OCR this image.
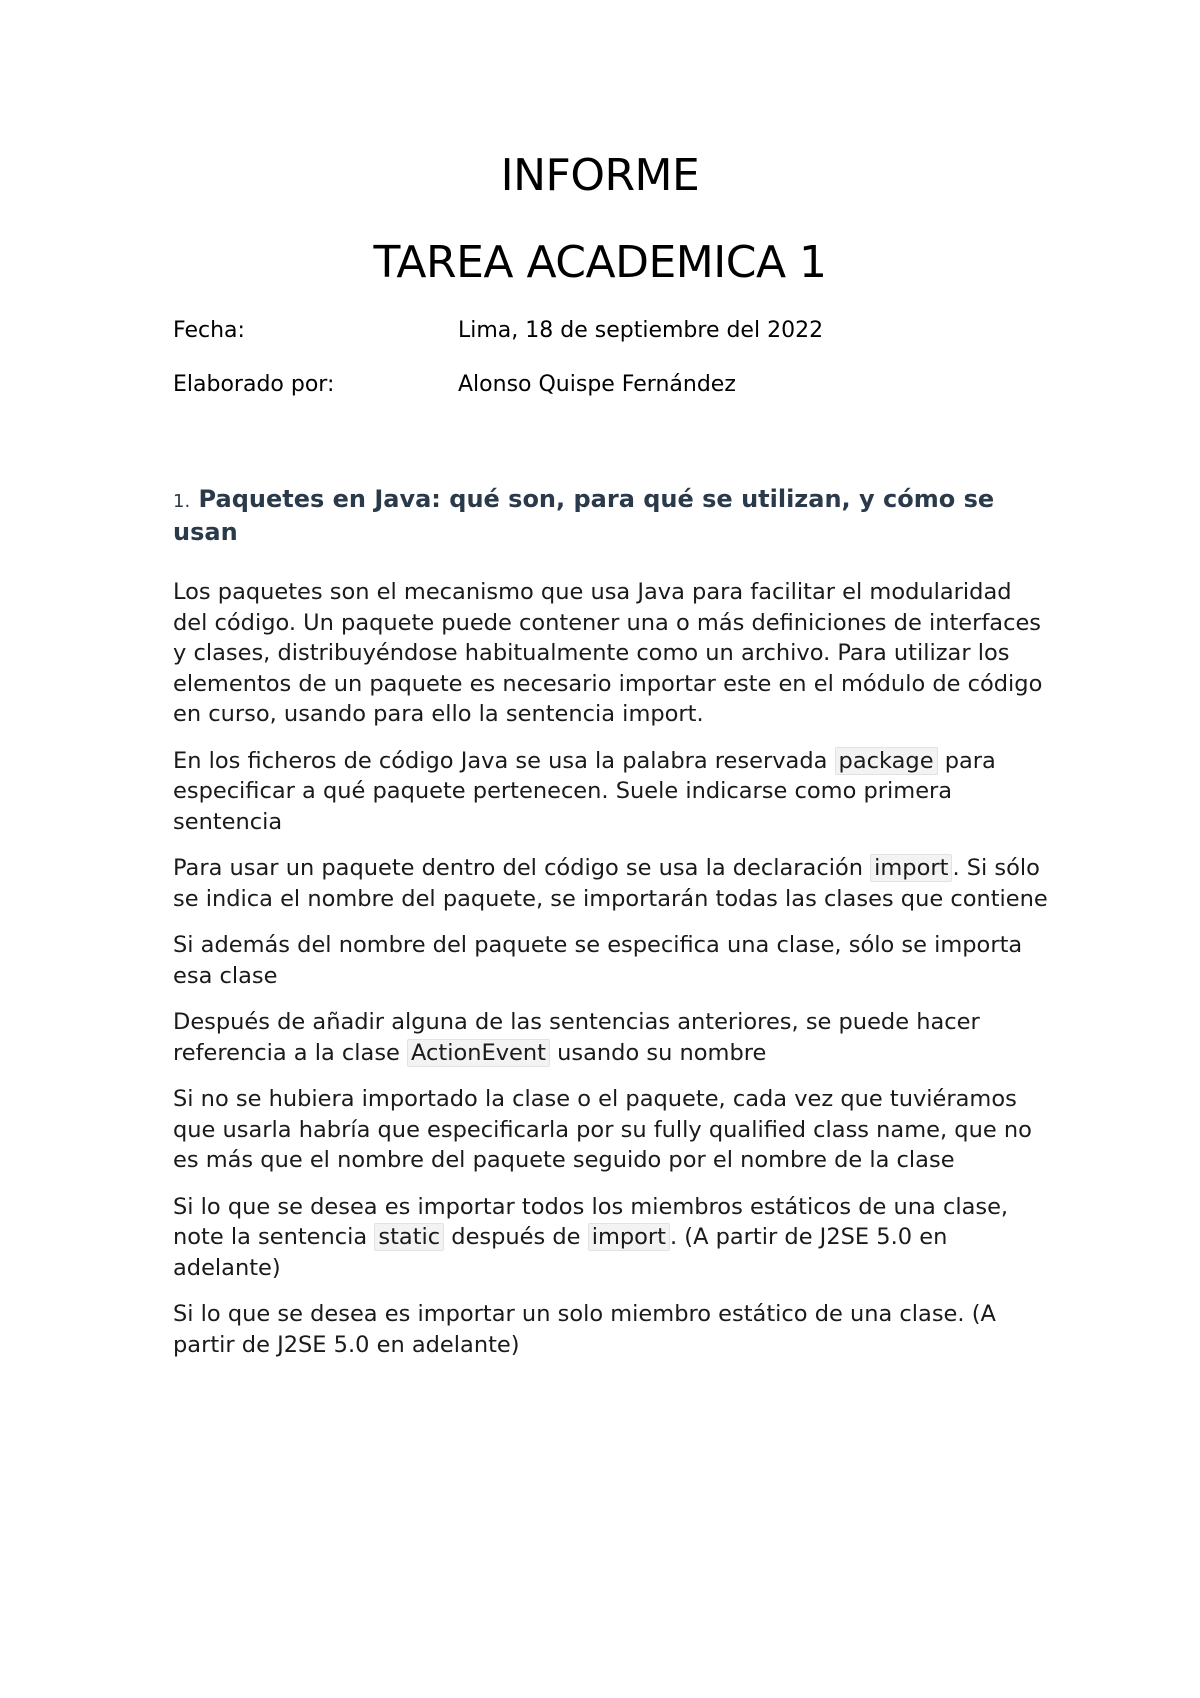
INFORME
TAREA ACADEMICA 1
Fecha:	Lima, 18 de septiembre del 2022
Elaborado por:	Alonso Quispe Fernández
1. Paquetes en Java: qué son, para qué se utilizan, y cómo se usan

Los paquetes son el mecanismo que usa Java para facilitar el modularidad del código. Un paquete puede contener una o más definiciones de interfaces y clases, distribuyéndose habitualmente como un archivo. Para utilizar los elementos de un paquete es necesario importar este en el módulo de código en curso, usando para ello la sentencia import.

En los ficheros de código Java se usa la palabra reservada package para especificar a qué paquete pertenecen. Suele indicarse como primera sentencia

Para usar un paquete dentro del código se usa la declaración import . Si sólo se indica el nombre del paquete, se importarán todas las clases que contiene

Si además del nombre del paquete se especifica una clase, sólo se importa esa clase

Después de añadir alguna de las sentencias anteriores, se puede hacer referencia a la clase ActionEvent usando su nombre

Si no se hubiera importado la clase o el paquete, cada vez que tuviéramos que usarla habría que especificarla por su fully qualified class name, que no es más que el nombre del paquete seguido por el nombre de la clase

Si lo que se desea es importar todos los miembros estáticos de una clase, note la sentencia static después de import . (A partir de J2SE 5.0 en adelante)

Si lo que se desea es importar un solo miembro estático de una clase. (A partir de J2SE 5.0 en adelante)
